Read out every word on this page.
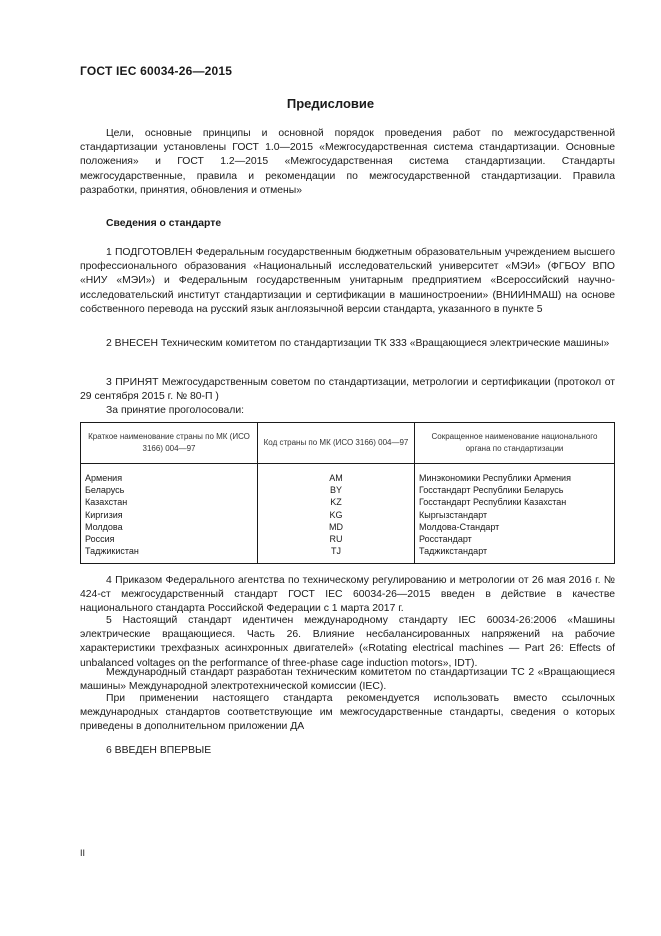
ГОСТ IEC 60034-26—2015
Предисловие

Цели, основные принципы и основной порядок проведения работ по межгосударственной стандартизации установлены ГОСТ 1.0—2015 «Межгосударственная система стандартизации. Основные положения» и ГОСТ 1.2—2015 «Межгосударственная система стандартизации. Стандарты межгосударственные, правила и рекомендации по межгосударственной стандартизации. Правила разработки, принятия, обновления и отмены»

Сведения о стандарте

1 ПОДГОТОВЛЕН Федеральным государственным бюджетным образовательным учреждением высшего профессионального образования «Национальный исследовательский университет «МЭИ» (ФГБОУ ВПО «НИУ «МЭИ») и Федеральным государственным унитарным предприятием «Всероссийский научно-исследовательский институт стандартизации и сертификации в машиностроении» (ВНИИНМАШ) на основе собственного перевода на русский язык англоязычной версии стандарта, указанного в пункте 5

2 ВНЕСЕН Техническим комитетом по стандартизации ТК 333 «Вращающиеся электрические машины»

3 ПРИНЯТ Межгосударственным советом по стандартизации, метрологии и сертификации (протокол от 29 сентября 2015 г. № 80-П )

За принятие проголосовали:

Краткое наименование страны по МК (ИСО 3166) 004—97	Код страны по МК (ИСО 3166) 004—97	Сокращенное наименование национального органа по стандартизации
Армения	AM	Минэкономики Республики Армения
Беларусь	BY	Госстандарт Республики Беларусь
Казахстан	KZ	Госстандарт Республики Казахстан
Киргизия	KG	Кыргызстандарт
Молдова	MD	Молдова-Стандарт
Россия	RU	Росстандарт
Таджикистан	TJ	Таджикстандарт

4 Приказом Федерального агентства по техническому регулированию и метрологии от 26 мая 2016 г. № 424-ст межгосударственный стандарт ГОСТ IEC 60034-26—2015 введен в действие в качестве национального стандарта Российской Федерации с 1 марта 2017 г.

5 Настоящий стандарт идентичен международному стандарту IEC 60034-26:2006 «Машины электрические вращающиеся. Часть 26. Влияние несбалансированных напряжений на рабочие характеристики трехфазных асинхронных двигателей» («Rotating electrical machines — Part 26: Effects of unbalanced voltages on the performance of three-phase cage induction motors», IDT).

Международный стандарт разработан техническим комитетом по стандартизации ТС 2 «Вращающиеся машины» Международной электротехнической комиссии (IEC).

При применении настоящего стандарта рекомендуется использовать вместо ссылочных международных стандартов соответствующие им межгосударственные стандарты, сведения о которых приведены в дополнительном приложении ДА

6 ВВЕДЕН ВПЕРВЫЕ

II
